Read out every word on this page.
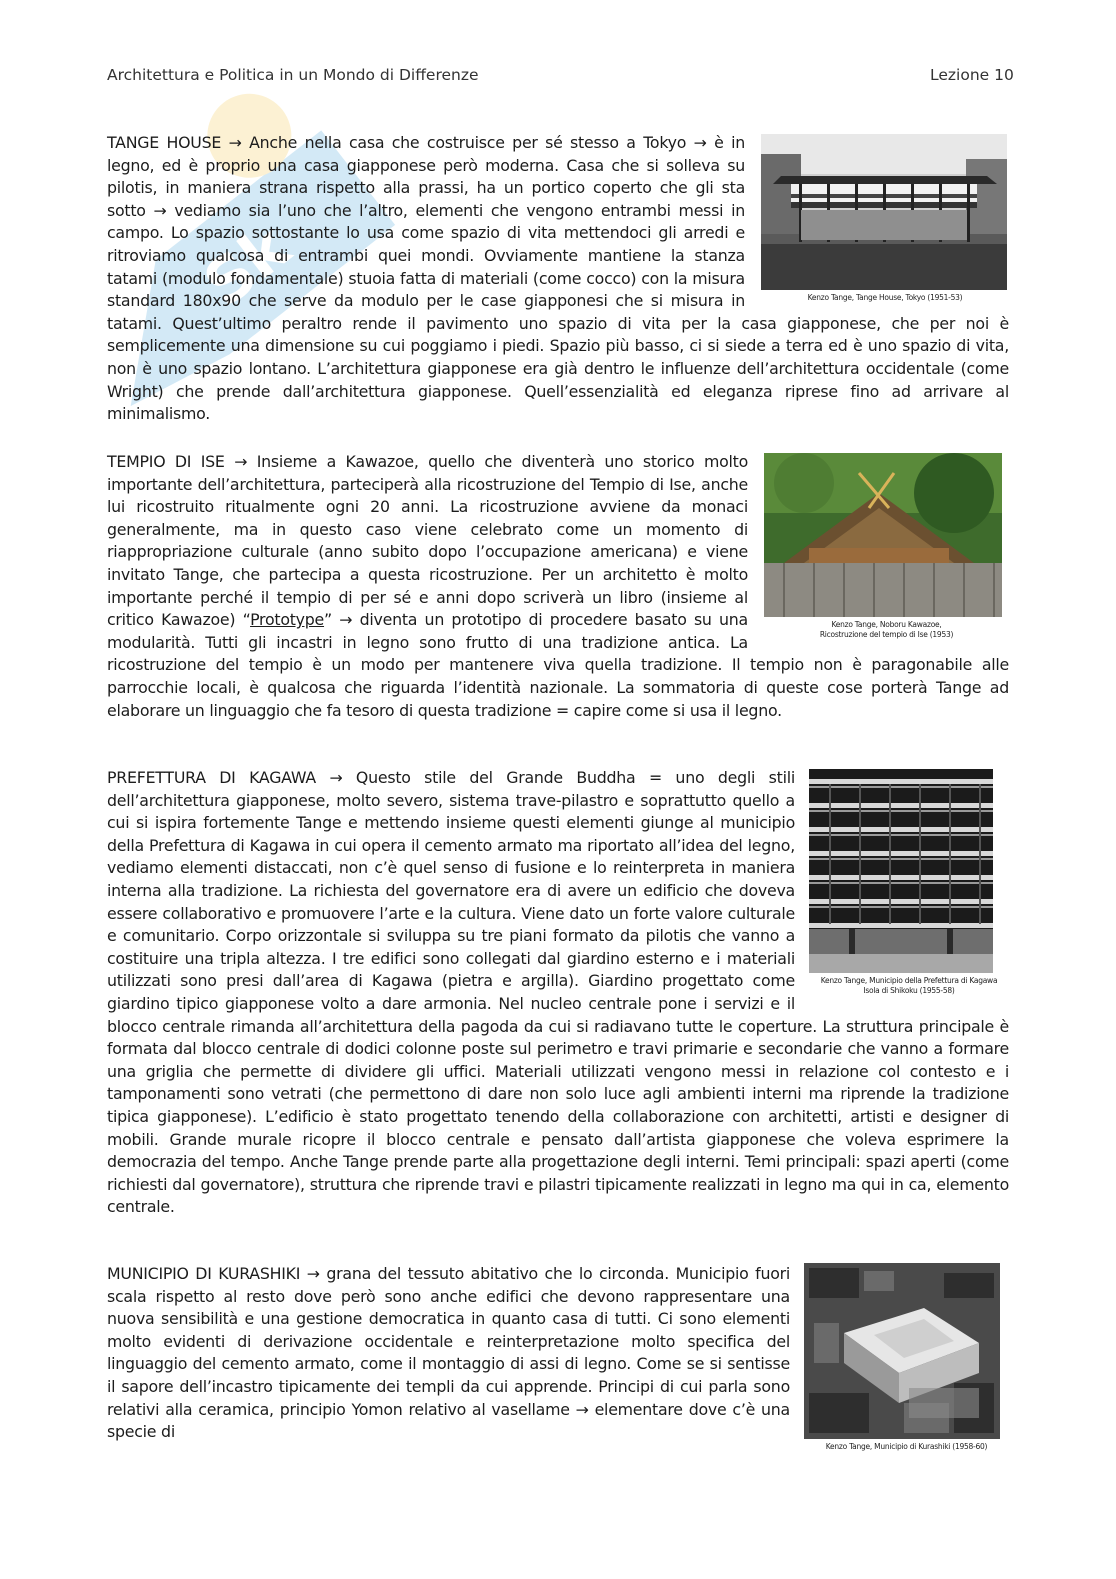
Architettura e Politica in un Mondo di Differenze	Lezione 10
Sk	Kenzo Tange, Tange House, Tokyo (1951-53)

TANGE HOUSE → Anche nella casa che costruisce per sé stesso a Tokyo → è in legno, ed è proprio una casa giapponese però moderna. Casa che si solleva su pilotis, in maniera strana rispetto alla prassi, ha un portico coperto che gli sta sotto → vediamo sia l’uno che l’altro, elementi che vengono entrambi messi in campo. Lo spazio sottostante lo usa come spazio di vita mettendoci gli arredi e ritroviamo qualcosa di entrambi quei mondi. Ovviamente mantiene la stanza tatami (modulo fondamentale) stuoia fatta di materiali (come cocco) con la misura standard 180x90 che serve da modulo per le case giapponesi che si misura in tatami. Quest’ultimo peraltro rende il pavimento uno spazio di vita per la casa giapponese, che per noi è semplicemente una dimensione su cui poggiamo i piedi. Spazio più basso, ci si siede a terra ed è uno spazio di vita, non è uno spazio lontano. L’architettura giapponese era già dentro le influenze dell’architettura occidentale (come Wright) che prende dall’architettura giapponese. Quell’essenzialità ed eleganza riprese fino ad arrivare al minimalismo.

Kenzo Tange, Noboru Kawazoe,
Ricostruzione del tempio di Ise (1953)

TEMPIO DI ISE → Insieme a Kawazoe, quello che diventerà uno storico molto importante dell’architettura, parteciperà alla ricostruzione del Tempio di Ise, anche lui ricostruito ritualmente ogni 20 anni. La ricostruzione avviene da monaci generalmente, ma in questo caso viene celebrato come un momento di riappropriazione culturale (anno subito dopo l’occupazione americana) e viene invitato Tange, che partecipa a questa ricostruzione. Per un architetto è molto importante perché il tempio di per sé e anni dopo scriverà un libro (insieme al critico Kawazoe) “Prototype” → diventa un prototipo di procedere basato su una modularità. Tutti gli incastri in legno sono frutto di una tradizione antica. La ricostruzione del tempio è un modo per mantenere viva quella tradizione. Il tempio non è paragonabile alle parrocchie locali, è qualcosa che riguarda l’identità nazionale. La sommatoria di queste cose porterà Tange ad elaborare un linguaggio che fa tesoro di questa tradizione = capire come si usa il legno.

Kenzo Tange, Municipio della Prefettura di Kagawa
Isola di Shikoku (1955-58)

PREFETTURA DI KAGAWA → Questo stile del Grande Buddha = uno degli stili dell’architettura giapponese, molto severo, sistema trave-pilastro e soprattutto quello a cui si ispira fortemente Tange e mettendo insieme questi elementi giunge al municipio della Prefettura di Kagawa in cui opera il cemento armato ma riportato all’idea del legno, vediamo elementi distaccati, non c’è quel senso di fusione e lo reinterpreta in maniera interna alla tradizione. La richiesta del governatore era di avere un edificio che doveva essere collaborativo e promuovere l’arte e la cultura. Viene dato un forte valore culturale e comunitario. Corpo orizzontale si sviluppa su tre piani formato da pilotis che vanno a costituire una tripla altezza. I tre edifici sono collegati dal giardino esterno e i materiali utilizzati sono presi dall’area di Kagawa (pietra e argilla). Giardino progettato come giardino tipico giapponese volto a dare armonia. Nel nucleo centrale pone i servizi e il blocco centrale rimanda all’architettura della pagoda da cui si radiavano tutte le coperture. La struttura principale è formata dal blocco centrale di dodici colonne poste sul perimetro e travi primarie e secondarie che vanno a formare una griglia che permette di dividere gli uffici. Materiali utilizzati vengono messi in relazione col contesto e i tamponamenti sono vetrati (che permettono di dare non solo luce agli ambienti interni ma riprende la tradizione tipica giapponese). L’edificio è stato progettato tenendo della collaborazione con architetti, artisti e designer di mobili. Grande murale ricopre il blocco centrale e pensato dall’artista giapponese che voleva esprimere la democrazia del tempo. Anche Tange prende parte alla progettazione degli interni. Temi principali: spazi aperti (come richiesti dal governatore), struttura che riprende travi e pilastri tipicamente realizzati in legno ma qui in ca, elemento centrale.

Kenzo Tange, Municipio di Kurashiki (1958-60)

MUNICIPIO DI KURASHIKI → grana del tessuto abitativo che lo circonda. Municipio fuori scala rispetto al resto dove però sono anche edifici che devono rappresentare una nuova sensibilità e una gestione democratica in quanto casa di tutti. Ci sono elementi molto evidenti di derivazione occidentale e reinterpretazione molto specifica del linguaggio del cemento armato, come il montaggio di assi di legno. Come se si sentisse il sapore dell’incastro tipicamente dei templi da cui apprende. Principi di cui parla sono relativi alla ceramica, principio Yomon relativo al vasellame → elementare dove c’è una specie di
